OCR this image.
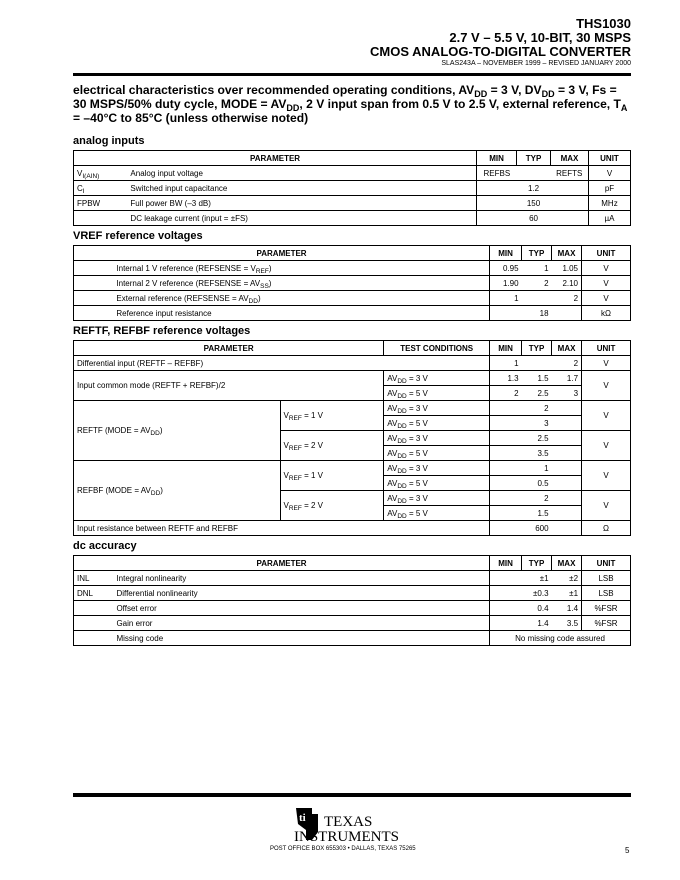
THS1030
2.7 V – 5.5 V, 10-BIT, 30 MSPS
CMOS ANALOG-TO-DIGITAL CONVERTER
SLAS243A – NOVEMBER 1999 – REVISED JANUARY 2000
electrical characteristics over recommended operating conditions, $AV_{DD} = 3$ V, $DV_{DD} = 3$ V, Fs = 30 MSPS/50% duty cycle, MODE = $AV_{DD}$, 2 V input span from 0.5 V to 2.5 V, external reference, $T_A = -40^\circ C$ to 85°C (unless otherwise noted)
analog inputs
PARAMETER		MIN	TYP	MAX	UNIT
$V_{I(AIN)}$	Analog input voltage	REFBS		REFTS	V
$C_I$	Switched input capacitance		1.2		pF
FPBW	Full power BW (–3 dB)		150		MHz
	DC leakage current (input = ±FS)		60		µA
VREF reference voltages
PARAMETER		MIN	TYP	MAX	UNIT
	Internal 1 V reference (REFSENSE = $V_{REF}$)	0.95	1	1.05	V
	Internal 2 V reference (REFSENSE = $AV_{SS}$)	1.90	2	2.10	V
	External reference (REFSENSE = $AV_{DD}$)	1		2	V
	Reference input resistance		18		kΩ
REFTF, REFBF reference voltages
PARAMETER		TEST CONDITIONS	MIN	TYP	MAX	UNIT
Differential input (REFTF – REFBF)			1		2	V
Input common mode (REFTF + REFBF)/2		$AV_{DD} = 3$ V	1.3	1.5	1.7	V
		$AV_{DD} = 5$ V	2	2.5	3	
REFTF (MODE = $AV_{DD}$)	$V_{REF} = 1$ V	$AV_{DD} = 3$ V		2		V
		$AV_{DD} = 5$ V		3		
	$V_{REF} = 2$ V	$AV_{DD} = 3$ V		2.5		V
		$AV_{DD} = 5$ V		3.5		
REFBF (MODE = $AV_{DD}$)	$V_{REF} = 1$ V	$AV_{DD} = 3$ V		1		V
		$AV_{DD} = 5$ V		0.5		
	$V_{REF} = 2$ V	$AV_{DD} = 3$ V		2		V
		$AV_{DD} = 5$ V		1.5		
Input resistance between REFTF and REFBF				600		Ω
dc accuracy
PARAMETER		MIN	TYP	MAX	UNIT
INL	Integral nonlinearity		±1	±2	LSB
DNL	Differential nonlinearity		±0.3	±1	LSB
	Offset error		0.4	1.4	%FSR
	Gain error		1.4	3.5	%FSR
	Missing code	No missing code assured			
ti TEXAS
INSTRUMENTS
POST OFFICE BOX 655303 • DALLAS, TEXAS 75265	5
